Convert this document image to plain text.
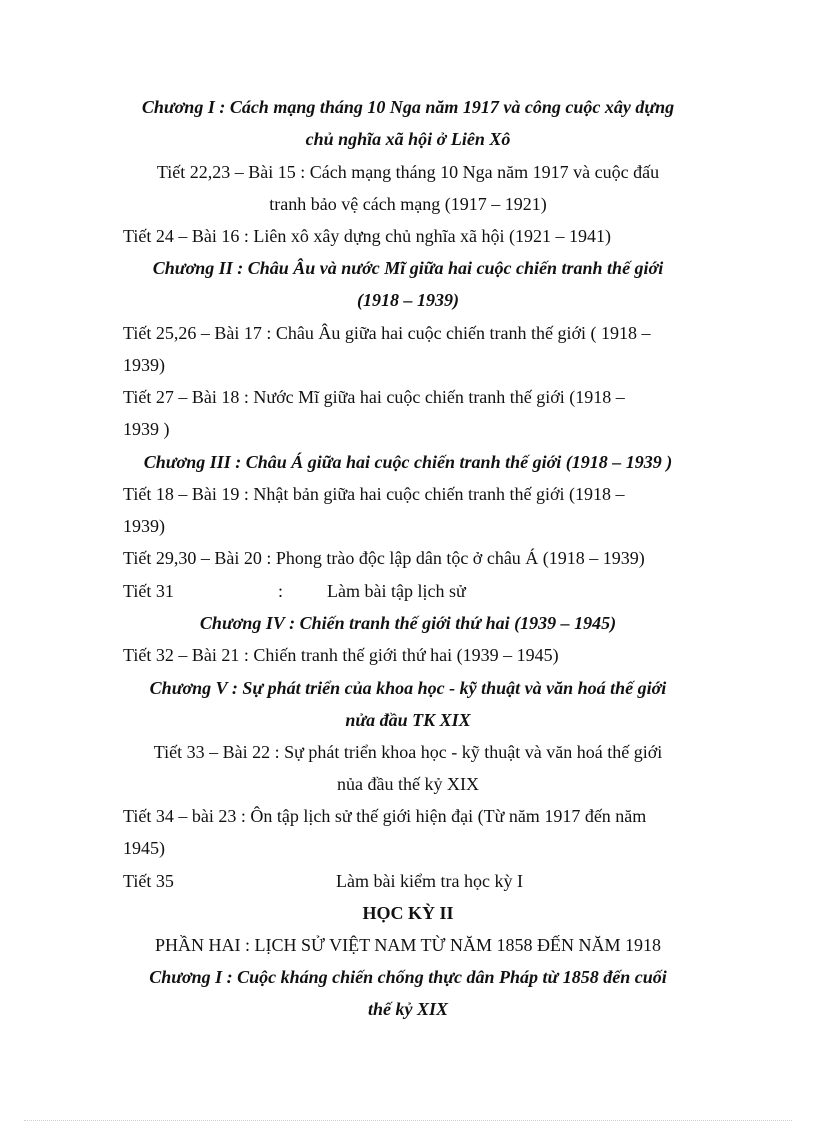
Chương I : Cách mạng tháng 10 Nga năm 1917 và công cuộc xây dựng
chủ nghĩa xã hội ở Liên Xô
Tiết 22,23 – Bài 15 : Cách mạng tháng 10 Nga năm 1917 và cuộc đấu
tranh bảo vệ cách mạng (1917 – 1921)
Tiết 24 – Bài 16 : Liên xô xây dựng chủ nghĩa xã hội (1921 – 1941)
Chương II : Châu Âu và nước Mĩ giữa hai cuộc chiến tranh thế giới
(1918 – 1939)
Tiết 25,26 – Bài 17 : Châu Âu giữa hai cuộc chiến tranh thế giới ( 1918 –
1939)
Tiết 27 – Bài 18 : Nước Mĩ giữa hai cuộc chiến tranh thế giới (1918 –
1939 )
Chương III : Châu Á giữa hai cuộc chiến tranh thế giới (1918 – 1939 )
Tiết 18 – Bài 19 : Nhật bản giữa hai cuộc chiến tranh thế giới (1918 –
1939)
Tiết 29,30 – Bài 20 : Phong trào độc lập dân tộc ở châu Á (1918 – 1939)
Tiết 31	: Làm bài tập lịch sử
Chương IV : Chiến tranh thế giới thứ hai (1939 – 1945)
Tiết 32 – Bài 21 : Chiến tranh thế giới thứ hai (1939 – 1945)
Chương V : Sự phát triển của khoa học - kỹ thuật và văn hoá thế giới
nửa đầu TK XIX
Tiết 33 – Bài 22 : Sự phát triển khoa học - kỹ thuật và văn hoá thế giới
nủa đầu thế kỷ XIX
Tiết 34 – bài 23 : Ôn tập lịch sử thế giới hiện đại (Từ năm 1917 đến năm
1945)
Tiết 35	Làm bài kiểm tra học kỳ I
HỌC KỲ II
PHẦN HAI : LỊCH SỬ VIỆT NAM TỪ NĂM 1858 ĐẾN NĂM 1918
Chương I : Cuộc kháng chiến chống thực dân Pháp từ 1858 đến cuối
thế kỷ XIX
